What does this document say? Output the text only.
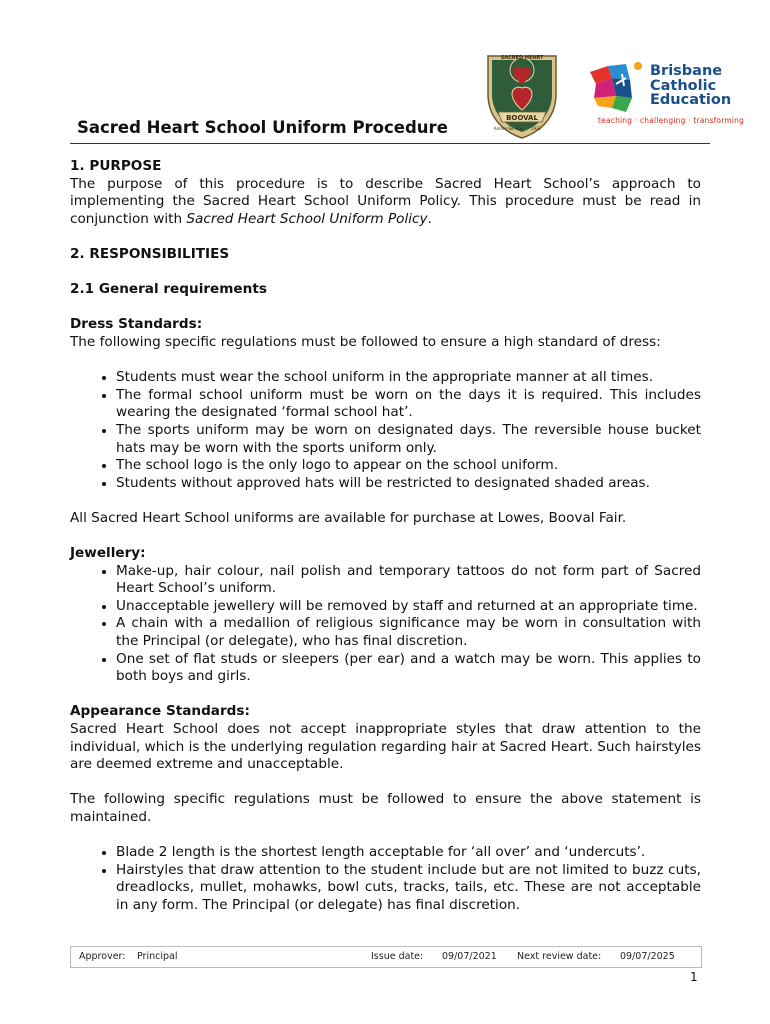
Sacred Heart School Uniform Procedure	BOOVAL
SACRED HEART
Amare Servire 1932
Brisbane
Catholic
Education
teaching · challenging · transforming

1. PURPOSE

The purpose of this procedure is to describe Sacred Heart School’s approach to implementing the Sacred Heart School Uniform Policy. This procedure must be read in conjunction with Sacred Heart School Uniform Policy.

2. RESPONSIBILITIES

2.1 General requirements

Dress Standards:

The following specific regulations must be followed to ensure a high standard of dress:

• Students must wear the school uniform in the appropriate manner at all times.
• The formal school uniform must be worn on the days it is required. This includes wearing the designated ‘formal school hat’.
• The sports uniform may be worn on designated days. The reversible house bucket hats may be worn with the sports uniform only.
• The school logo is the only logo to appear on the school uniform.
• Students without approved hats will be restricted to designated shaded areas.

All Sacred Heart School uniforms are available for purchase at Lowes, Booval Fair.

Jewellery:

• Make-up, hair colour, nail polish and temporary tattoos do not form part of Sacred Heart School’s uniform.
• Unacceptable jewellery will be removed by staff and returned at an appropriate time.
• A chain with a medallion of religious significance may be worn in consultation with the Principal (or delegate), who has final discretion.
• One set of flat studs or sleepers (per ear) and a watch may be worn. This applies to both boys and girls.

Appearance Standards:

Sacred Heart School does not accept inappropriate styles that draw attention to the individual, which is the underlying regulation regarding hair at Sacred Heart. Such hairstyles are deemed extreme and unacceptable.

The following specific regulations must be followed to ensure the above statement is maintained.

• Blade 2 length is the shortest length acceptable for ‘all over’ and ‘undercuts’.
• Hairstyles that draw attention to the student include but are not limited to buzz cuts, dreadlocks, mullet, mohawks, bowl cuts, tracks, tails, etc. These are not acceptable in any form. The Principal (or delegate) has final discretion.
Approver: Principal	Issue date: 09/07/2021 Next review date: 09/07/2025
1
